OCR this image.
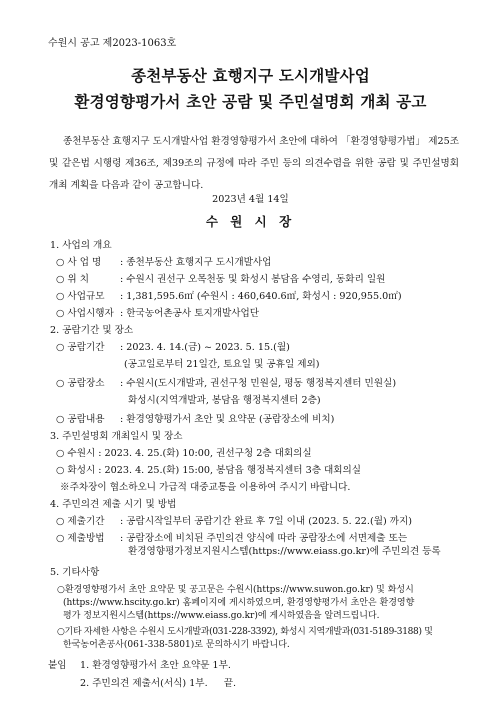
수원시 공고 제2023-1063호
종천부동산 효행지구 도시개발사업
환경영향평가서 초안 공람 및 주민설명회 개최 공고
종천부동산 효행지구 도시개발사업 환경영향평가서 초안에 대하여 「환경영향평가법」 제25조 및 같은법 시행령 제36조, 제39조의 규정에 따라 주민 등의 의견수렴을 위한 공람 및 주민설명회 개최 계획을 다음과 같이 공고합니다.
2023년 4월 14일
수 원 시 장
1. 사업의 개요
○ 사 업 명 : 종천부동산 효행지구 도시개발사업
○ 위 치	: 수원시 권선구 오목천동 및 화성시 봉담읍 수영리, 동화리 일원
○ 사업규모 : 1,381,595.6㎡ (수원시 : 460,640.6㎡, 화성시 : 920,955.0㎡)
○ 사업시행자 : 한국농어촌공사 토지개발사업단
2. 공람기간 및 장소
○ 공람기간 : 2023. 4. 14.(금) ~ 2023. 5. 15.(월)
(공고일로부터 21일간, 토요일 및 공휴일 제외)
○ 공람장소 : 수원시(도시개발과, 권선구청 민원실, 평동 행정복지센터 민원실)
화성시(지역개발과, 봉담읍 행정복지센터 2층)
○ 공람내용 : 환경영향평가서 초안 및 요약문 (공람장소에 비치)
3. 주민설명회 개최일시 및 장소
○ 수원시 : 2023. 4. 25.(화) 10:00, 권선구청 2층 대회의실
○ 화성시 : 2023. 4. 25.(화) 15:00, 봉담읍 행정복지센터 3층 대회의실
※주차장이 협소하오니 가급적 대중교통을 이용하여 주시기 바랍니다.
4. 주민의견 제출 시기 및 방법
○ 제출기간 : 공람시작일부터 공람기간 완료 후 7일 이내 (2023. 5. 22.(월) 까지)
○ 제출방법 : 공람장소에 비치된 주민의견 양식에 따라 공람장소에 서면제출 또는
환경영향평가정보지원시스템(https://www.eiass.go.kr)에 주민의견 등록
5. 기타사항
○환경영향평가서 초안 요약문 및 공고문은 수원시(https://www.suwon.go.kr) 및 화성시
(https://www.hscity.go.kr) 홈페이지에 게시하였으며, 환경영향평가서 초안은 환경영향
평가 정보지원시스템(https://www.eiass.go.kr)에 게시하였음을 알려드립니다.
○기타 자세한 사항은 수원시 도시개발과(031-228-3392), 화성시 지역개발과(031-5189-3188) 및
한국농어촌공사(061-338-5801)로 문의하시기 바랍니다.
붙임 1. 환경영향평가서 초안 요약문 1부.
2. 주민의견 제출서(서식) 1부. 끝.
